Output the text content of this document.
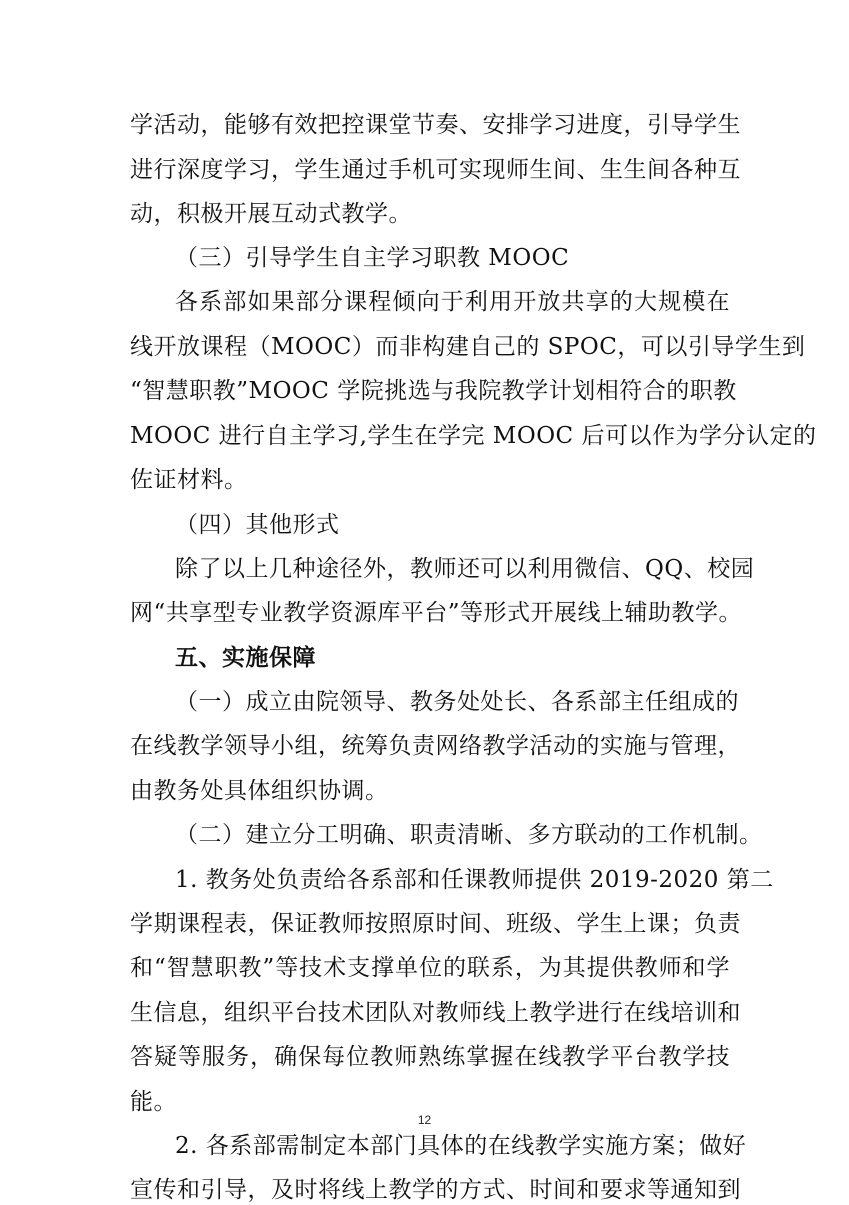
学活动，能够有效把控课堂节奏、安排学习进度，引导学生
进行深度学习，学生通过手机可实现师生间、生生间各种互
动，积极开展互动式教学。
（三）引导学生自主学习职教 MOOC
各系部如果部分课程倾向于利用开放共享的大规模在
线开放课程（MOOC）而非构建自己的 SPOC，可以引导学生到
“智慧职教”MOOC 学院挑选与我院教学计划相符合的职教
MOOC 进行自主学习,学生在学完 MOOC 后可以作为学分认定的
佐证材料。
（四）其他形式
除了以上几种途径外，教师还可以利用微信、QQ、校园
网“共享型专业教学资源库平台”等形式开展线上辅助教学。
五、实施保障
（一）成立由院领导、教务处处长、各系部主任组成的
在线教学领导小组，统筹负责网络教学活动的实施与管理，
由教务处具体组织协调。
（二）建立分工明确、职责清晰、多方联动的工作机制。
1. 教务处负责给各系部和任课教师提供 2019-2020 第二
学期课程表，保证教师按照原时间、班级、学生上课；负责
和“智慧职教”等技术支撑单位的联系，为其提供教师和学
生信息，组织平台技术团队对教师线上教学进行在线培训和
答疑等服务，确保每位教师熟练掌握在线教学平台教学技
能。
2. 各系部需制定本部门具体的在线教学实施方案；做好
宣传和引导，及时将线上教学的方式、时间和要求等通知到
12
